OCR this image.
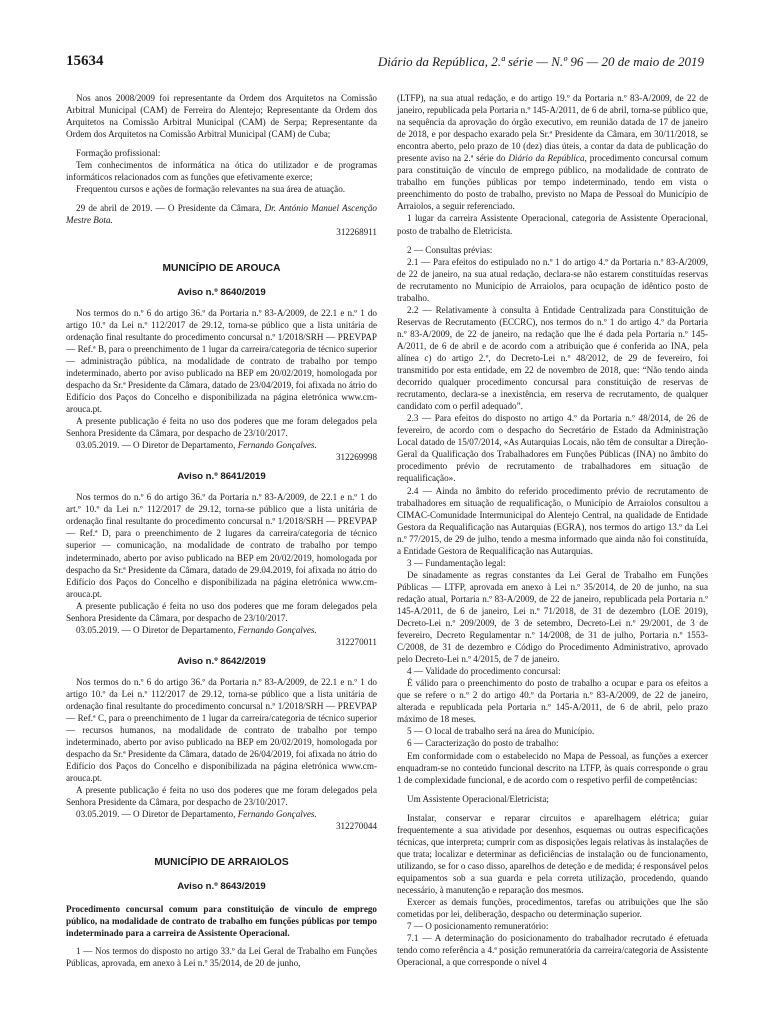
15634	Diário da República, 2.ª série — N.º 96 — 20 de maio de 2019

Nos anos 2008/2009 foi representante da Ordem dos Arquitetos na Comissão Arbitral Municipal (CAM) de Ferreira do Alentejo; Representante da Ordem dos Arquitetos na Comissão Arbitral Municipal (CAM) de Serpa; Representante da Ordem dos Arquitetos na Comissão Arbitral Municipal (CAM) de Cuba;

Formação profissional:

Tem conhecimentos de informática na ótica do utilizador e de programas informáticos relacionados com as funções que efetivamente exerce;

Frequentou cursos e ações de formação relevantes na sua área de atuação.

29 de abril de 2019. — O Presidente da Câmara, Dr. António Manuel Ascenção Mestre Bota.

312268911

MUNICÍPIO DE AROUCA

Aviso n.º 8640/2019

Nos termos do n.º 6 do artigo 36.º da Portaria n.º 83-A/2009, de 22.1 e n.º 1 do artigo 10.º da Lei n.º 112/2017 de 29.12, torna-se público que a lista unitária de ordenação final resultante do procedimento concursal n.º 1/2018/SRH — PREVPAP — Ref.ª B, para o preenchimento de 1 lugar da carreira/categoria de técnico superior — administração pública, na modalidade de contrato de trabalho por tempo indeterminado, aberto por aviso publicado na BEP em 20/02/2019, homologada por despacho da Sr.ª Presidente da Câmara, datado de 23/04/2019, foi afixada no átrio do Edifício dos Paços do Concelho e disponibilizada na página eletrónica www.cm-arouca.pt.

A presente publicação é feita no uso dos poderes que me foram delegados pela Senhora Presidente da Câmara, por despacho de 23/10/2017.

03.05.2019. — O Diretor de Departamento, Fernando Gonçalves.

312269998

Aviso n.º 8641/2019

Nos termos do n.º 6 do artigo 36.º da Portaria n.º 83-A/2009, de 22.1 e n.º 1 do art.º 10.º da Lei n.º 112/2017 de 29.12, torna-se público que a lista unitária de ordenação final resultante do procedimento concursal n.º 1/2018/SRH — PREVPAP — Ref.ª D, para o preenchimento de 2 lugares da carreira/categoria de técnico superior — comunicação, na modalidade de contrato de trabalho por tempo indeterminado, aberto por aviso publicado na BEP em 20/02/2019, homologada por despacho da Sr.ª Presidente da Câmara, datado de 29.04.2019, foi afixada no átrio do Edifício dos Paços do Concelho e disponibilizada na página eletrónica www.cm-arouca.pt.

A presente publicação é feita no uso dos poderes que me foram delegados pela Senhora Presidente da Câmara, por despacho de 23/10/2017.

03.05.2019. — O Diretor de Departamento, Fernando Gonçalves.

312270011

Aviso n.º 8642/2019

Nos termos do n.º 6 do artigo 36.º da Portaria n.º 83-A/2009, de 22.1 e n.º 1 do artigo 10.º da Lei n.º 112/2017 de 29.12, torna-se público que a lista unitária de ordenação final resultante do procedimento concursal n.º 1/2018/SRH — PREVPAP — Ref.ª C, para o preenchimento de 1 lugar da carreira/categoria de técnico superior — recursos humanos, na modalidade de contrato de trabalho por tempo indeterminado, aberto por aviso publicado na BEP em 20/02/2019, homologada por despacho da Sr.ª Presidente da Câmara, datado de 26/04/2019, foi afixada no átrio do Edifício dos Paços do Concelho e disponibilizada na página eletrónica www.cm-arouca.pt.

A presente publicação é feita no uso dos poderes que me foram delegados pela Senhora Presidente da Câmara, por despacho de 23/10/2017.

03.05.2019. — O Diretor de Departamento, Fernando Gonçalves.

312270044

MUNICÍPIO DE ARRAIOLOS

Aviso n.º 8643/2019

Procedimento concursal comum para constituição de vínculo de emprego público, na modalidade de contrato de trabalho em funções públicas por tempo indeterminado para a carreira de Assistente Operacional.

1 — Nos termos do disposto no artigo 33.º da Lei Geral de Trabalho em Funções Públicas, aprovada, em anexo à Lei n.º 35/2014, de 20 de junho,

(LTFP), na sua atual redação, e do artigo 19.º da Portaria n.º 83-A/2009, de 22 de janeiro, republicada pela Portaria n.º 145-A/2011, de 6 de abril, torna-se público que, na sequência da aprovação do órgão executivo, em reunião datada de 17 de janeiro de 2018, e por despacho exarado pela Sr.ª Presidente da Câmara, em 30/11/2018, se encontra aberto, pelo prazo de 10 (dez) dias úteis, a contar da data de publicação do presente aviso na 2.ª série do Diário da República, procedimento concursal comum para constituição de vínculo de emprego público, na modalidade de contrato de trabalho em funções públicas por tempo indeterminado, tendo em vista o preenchimento do posto de trabalho, previsto no Mapa de Pessoal do Município de Arraiolos, a seguir referenciado.

1 lugar da carreira Assistente Operacional, categoria de Assistente Operacional, posto de trabalho de Eletricista.

2 — Consultas prévias:

2.1 — Para efeitos do estipulado no n.º 1 do artigo 4.º da Portaria n.º 83-A/2009, de 22 de janeiro, na sua atual redação, declara-se não estarem constituídas reservas de recrutamento no Município de Arraiolos, para ocupação de idêntico posto de trabalho.

2.2 — Relativamente à consulta à Entidade Centralizada para Constituição de Reservas de Recrutamento (ECCRC), nos termos do n.º 1 do artigo 4.º da Portaria n.º 83-A/2009, de 22 de janeiro, na redação que lhe é dada pela Portaria n.º 145-A/2011, de 6 de abril e de acordo com a atribuição que é conferida ao INA, pela alínea c) do artigo 2.º, do Decreto-Lei n.º 48/2012, de 29 de fevereiro, foi transmitido por esta entidade, em 22 de novembro de 2018, que: “Não tendo ainda decorrido qualquer procedimento concursal para constituição de reservas de recrutamento, declara-se a inexistência, em reserva de recrutamento, de qualquer candidato com o perfil adequado”.

2.3 — Para efeitos do disposto no artigo 4.º da Portaria n.º 48/2014, de 26 de fevereiro, de acordo com o despacho do Secretário de Estado da Administração Local datado de 15/07/2014, «As Autarquias Locais, não têm de consultar a Direção-Geral da Qualificação dos Trabalhadores em Funções Públicas (INA) no âmbito do procedimento prévio de recrutamento de trabalhadores em situação de requalificação».

2.4 — Ainda no âmbito do referido procedimento prévio de recrutamento de trabalhadores em situação de requalificação, o Município de Arraiolos consultou a CIMAC-Comunidade Intermunicipal do Alentejo Central, na qualidade de Entidade Gestora da Requalificação nas Autarquias (EGRA), nos termos do artigo 13.º da Lei n.º 77/2015, de 29 de julho, tendo a mesma informado que ainda não foi constituída, a Entidade Gestora de Requalificação nas Autarquias.

3 — Fundamentação legal:

De sinadamente as regras constantes da Lei Geral de Trabalho em Funções Públicas — LTFP, aprovada em anexo à Lei n.º 35/2014, de 20 de junho, na sua redação atual, Portaria n.º 83-A/2009, de 22 de janeiro, republicada pela Portaria n.º 145-A/2011, de 6 de janeiro, Lei n.º 71/2018, de 31 de dezembro (LOE 2019), Decreto-Lei n.º 209/2009, de 3 de setembro, Decreto-Lei n.º 29/2001, de 3 de fevereiro, Decreto Regulamentar n.º 14/2008, de 31 de julho, Portaria n.º 1553-C/2008, de 31 de dezembro e Código do Procedimento Administrativo, aprovado pelo Decreto-Lei n.º 4/2015, de 7 de janeiro.

4 — Validade do procedimento concursal:

É válido para o preenchimento do posto de trabalho a ocupar e para os efeitos a que se refere o n.º 2 do artigo 40.º da Portaria n.º 83-A/2009, de 22 de janeiro, alterada e republicada pela Portaria n.º 145-A/2011, de 6 de abril, pelo prazo máximo de 18 meses.

5 — O local de trabalho será na área do Município.

6 — Caracterização do posto de trabalho:

Em conformidade com o estabelecido no Mapa de Pessoal, as funções a exercer enquadram-se no conteúdo funcional descrito na LTFP, às quais corresponde o grau 1 de complexidade funcional, e de acordo com o respetivo perfil de competências:

Um Assistente Operacional/Eletricista;

Instalar, conservar e reparar circuitos e aparelhagem elétrica; guiar frequentemente a sua atividade por desenhos, esquemas ou outras especificações técnicas, que interpreta; cumprir com as disposições legais relativas às instalações de que trata; localizar e determinar as deficiências de instalação ou de funcionamento, utilizando, se for o caso disso, aparelhos de deteção e de medida; é responsável pelos equipamentos sob a sua guarda e pela correta utilização, procedendo, quando necessário, à manutenção e reparação dos mesmos.

Exercer as demais funções, procedimentos, tarefas ou atribuições que lhe são cometidas por lei, deliberação, despacho ou determinação superior.

7 — O posicionamento remuneratório:

7.1 — A determinação do posicionamento do trabalhador recrutado é efetuada tendo como referência a 4.ª posição remuneratória da carreira/categoria de Assistente Operacional, a que corresponde o nível 4
